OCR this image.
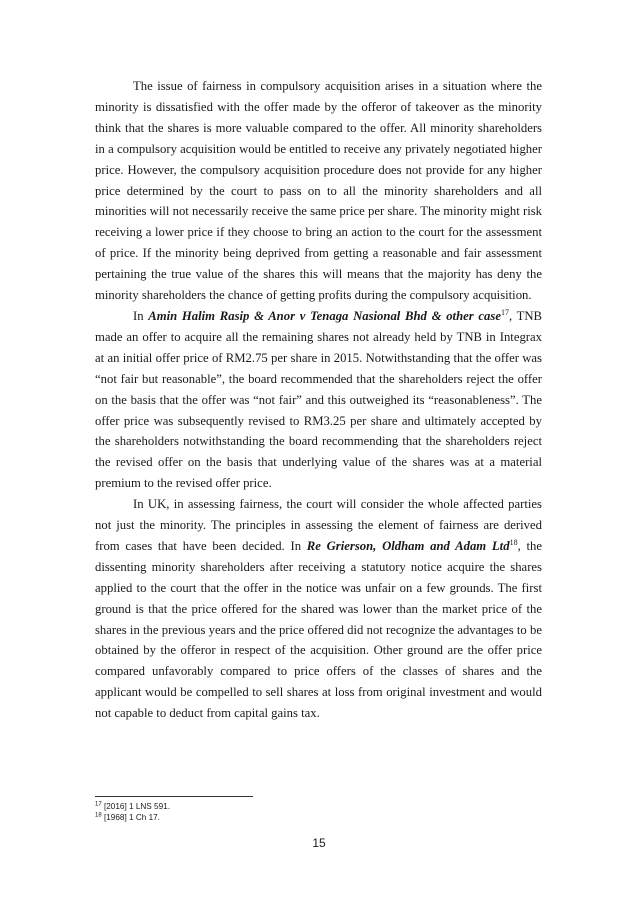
The issue of fairness in compulsory acquisition arises in a situation where the minority is dissatisfied with the offer made by the offeror of takeover as the minority think that the shares is more valuable compared to the offer. All minority shareholders in a compulsory acquisition would be entitled to receive any privately negotiated higher price. However, the compulsory acquisition procedure does not provide for any higher price determined by the court to pass on to all the minority shareholders and all minorities will not necessarily receive the same price per share. The minority might risk receiving a lower price if they choose to bring an action to the court for the assessment of price. If the minority being deprived from getting a reasonable and fair assessment pertaining the true value of the shares this will means that the majority has deny the minority shareholders the chance of getting profits during the compulsory acquisition.

In Amin Halim Rasip & Anor v Tenaga Nasional Bhd & other case$^{17}$, TNB made an offer to acquire all the remaining shares not already held by TNB in Integrax at an initial offer price of RM2.75 per share in 2015. Notwithstanding that the offer was “not fair but reasonable”, the board recommended that the shareholders reject the offer on the basis that the offer was “not fair” and this outweighed its “reasonableness”. The offer price was subsequently revised to RM3.25 per share and ultimately accepted by the shareholders notwithstanding the board recommending that the shareholders reject the revised offer on the basis that underlying value of the shares was at a material premium to the revised offer price.

In UK, in assessing fairness, the court will consider the whole affected parties not just the minority. The principles in assessing the element of fairness are derived from cases that have been decided. In Re Grierson, Oldham and Adam Ltd$^{18}$, the dissenting minority shareholders after receiving a statutory notice acquire the shares applied to the court that the offer in the notice was unfair on a few grounds. The first ground is that the price offered for the shared was lower than the market price of the shares in the previous years and the price offered did not recognize the advantages to be obtained by the offeror in respect of the acquisition. Other ground are the offer price compared unfavorably compared to price offers of the classes of shares and the applicant would be compelled to sell shares at loss from original investment and would not capable to deduct from capital gains tax.

$^{17}$ [2016] 1 LNS 591.
$^{18}$ [1968] 1 Ch 17.
15
